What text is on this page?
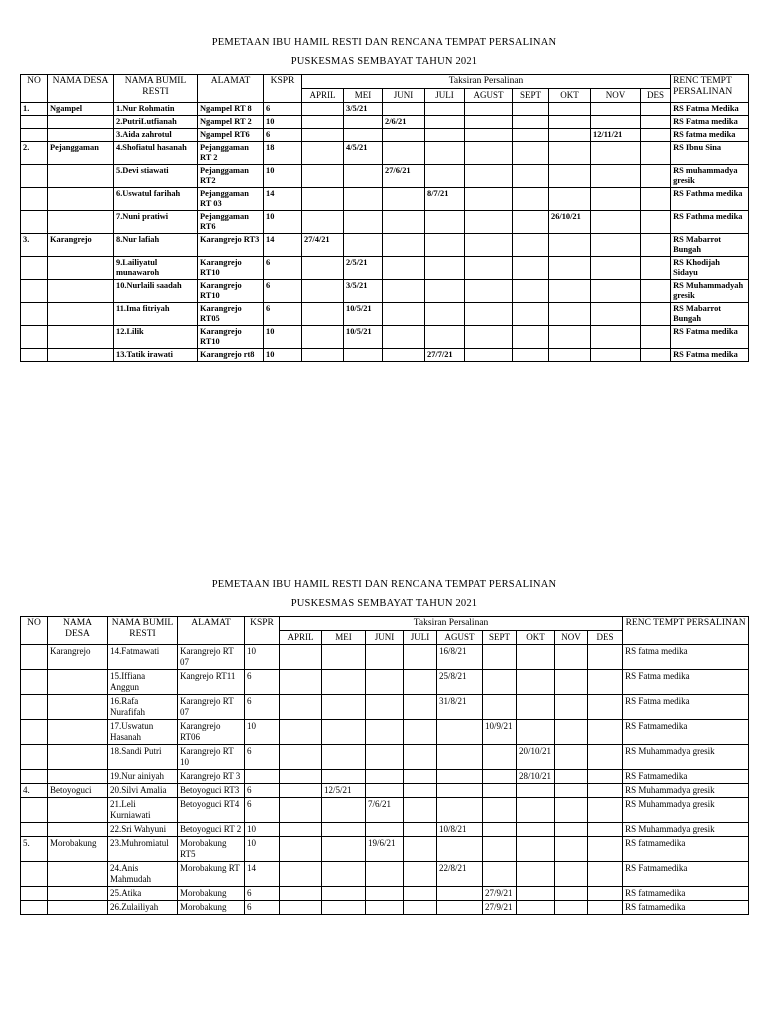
PEMETAAN IBU HAMIL RESTI DAN RENCANA TEMPAT PERSALINAN
PUSKESMAS SEMBAYAT TAHUN 2021
NO	NAMA DESA	NAMA BUMIL RESTI	ALAMAT	KSPR	Taksiran Persalinan									RENC TEMPT PERSALINAN
					APRIL	MEI	JUNI	JULI	AGUST	SEPT	OKT	NOV	DES	
1.	Ngampel	1.Nur Rohmatin	Ngampel RT 8	6		3/5/21								RS Fatma Medika
		2.PutriLutfianah	Ngampel RT 2	10			2/6/21							RS Fatma medika
		3.Aida zahrotul	Ngampel RT6	6								12/11/21		RS fatma medika
2.	Pejanggaman	4.Shofiatul hasanah	Pejanggaman RT 2	18		4/5/21								RS Ibnu Sina
		5.Devi stiawati	Pejanggaman RT2	10			27/6/21							RS muhammadya gresik
		6.Uswatul farihah	Pejanggaman RT 03	14				8/7/21						RS Fathma medika
		7.Nuni pratiwi	Pejanggaman RT6	10							26/10/21			RS Fathma medika
3.	Karangrejo	8.Nur lafiah	Karangrejo RT3	14	27/4/21									RS Mabarrot Bungah
		9.Lailiyatul munawaroh	Karangrejo RT10	6		2/5/21								RS Khodijah Sidayu
		10.Nurlaili saadah	Karangrejo RT10	6		3/5/21								RS Muhammadyah gresik
		11.Ima fitriyah	Karangrejo RT05	6		10/5/21								RS Mabarrot Bungah
		12.Lilik	Karangrejo RT10	10		10/5/21								RS Fatma medika
		13.Tatik irawati	Karangrejo rt8	10				27/7/21						RS Fatma medika
PEMETAAN IBU HAMIL RESTI DAN RENCANA TEMPAT PERSALINAN
PUSKESMAS SEMBAYAT TAHUN 2021
NO	NAMA DESA	NAMA BUMIL RESTI	ALAMAT	KSPR	Taksiran Persalinan									RENC TEMPT PERSALINAN
					APRIL	MEI	JUNI	JULI	AGUST	SEPT	OKT	NOV	DES	
	Karangrejo	14.Fatmawati	Karangrejo RT 07	10					16/8/21					RS fatma medika
		15.Iffiana Anggun	Kangrejo RT11	6					25/8/21					RS Fatma medika
		16.Rafa Nurafifah	Karangrejo RT 07	6					31/8/21					RS Fatma medika
		17.Uswatun Hasanah	Karangrejo RT06	10						10/9/21				RS Fatmamedika
		18.Sandi Putri	Karangrejo RT 10	6							20/10/21			RS Muhammadya gresik
		19.Nur ainiyah	Karangrejo RT 3								28/10/21			RS Fatmamedika
4.	Betoyoguci	20.Silvi Amalia	Betoyoguci RT3	6		12/5/21								RS Muhammadya gresik
		21.Leli Kurniawati	Betoyoguci RT4	6			7/6/21							RS Muhammadya gresik
		22.Sri Wahyuni	Betoyoguci RT 2	10					10/8/21					RS Muhammadya gresik
5.	Morobakung	23.Muhromiatul	Morobakung RT5	10			19/6/21							RS fatmamedika
		24.Anis Mahmudah	Morobakung RT	14					22/8/21					RS Fatmamedika
		25.Atika	Morobakung	6						27/9/21				RS fatmamedika
		26.Zulailiyah	Morobakung	6						27/9/21				RS fatmamedika
